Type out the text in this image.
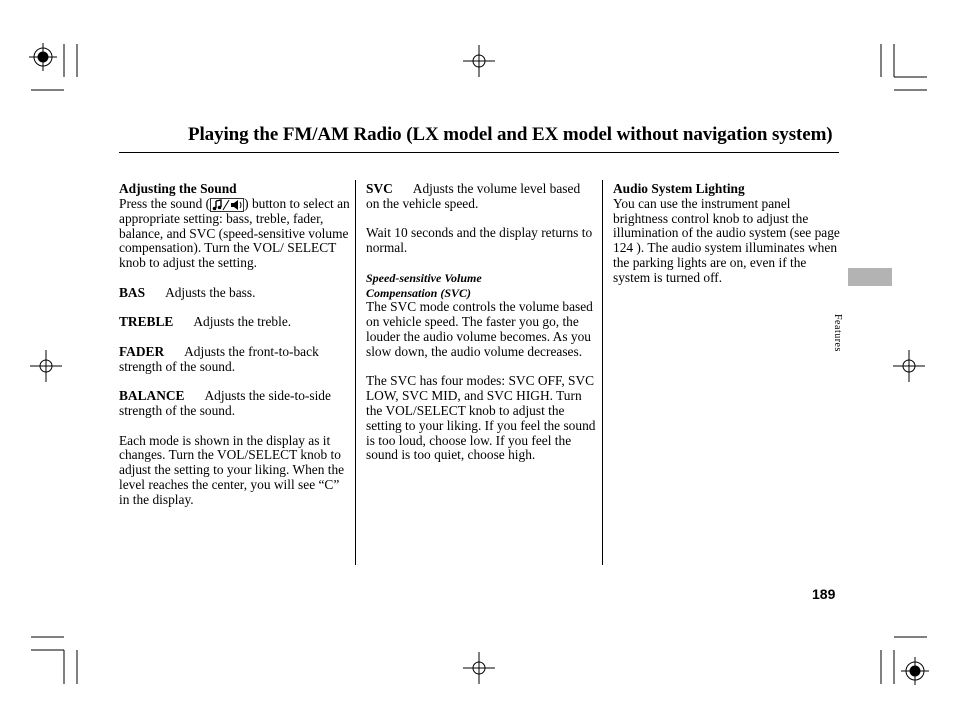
Playing the FM/AM Radio (LX model and EX model without navigation system)
Adjusting the Sound

Press the sound (	) button to select an appropriate setting: bass, treble, fader, balance, and SVC (speed-sensitive volume compensation). Turn the VOL/ SELECT knob to adjust the setting.

BAS Adjusts the bass.

TREBLE Adjusts the treble.

FADER Adjusts the front-to-back strength of the sound.

BALANCE Adjusts the side-to-side strength of the sound.

Each mode is shown in the display as it changes. Turn the VOL/SELECT knob to adjust the setting to your liking. When the level reaches the center, you will see “C” in the display.

SVC Adjusts the volume level based on the vehicle speed.

Wait 10 seconds and the display returns to normal.

Speed-sensitive Volume
Compensation (SVC)

The SVC mode controls the volume based on vehicle speed. The faster you go, the louder the audio volume becomes. As you slow down, the audio volume decreases.

The SVC has four modes: SVC OFF, SVC LOW, SVC MID, and SVC HIGH. Turn the VOL/SELECT knob to adjust the setting to your liking. If you feel the sound is too loud, choose low. If you feel the sound is too quiet, choose high.

Audio System Lighting

You can use the instrument panel brightness control knob to adjust the illumination of the audio system (see page 124 ). The audio system illuminates when the parking lights are on, even if the system is turned off.

Features
189
